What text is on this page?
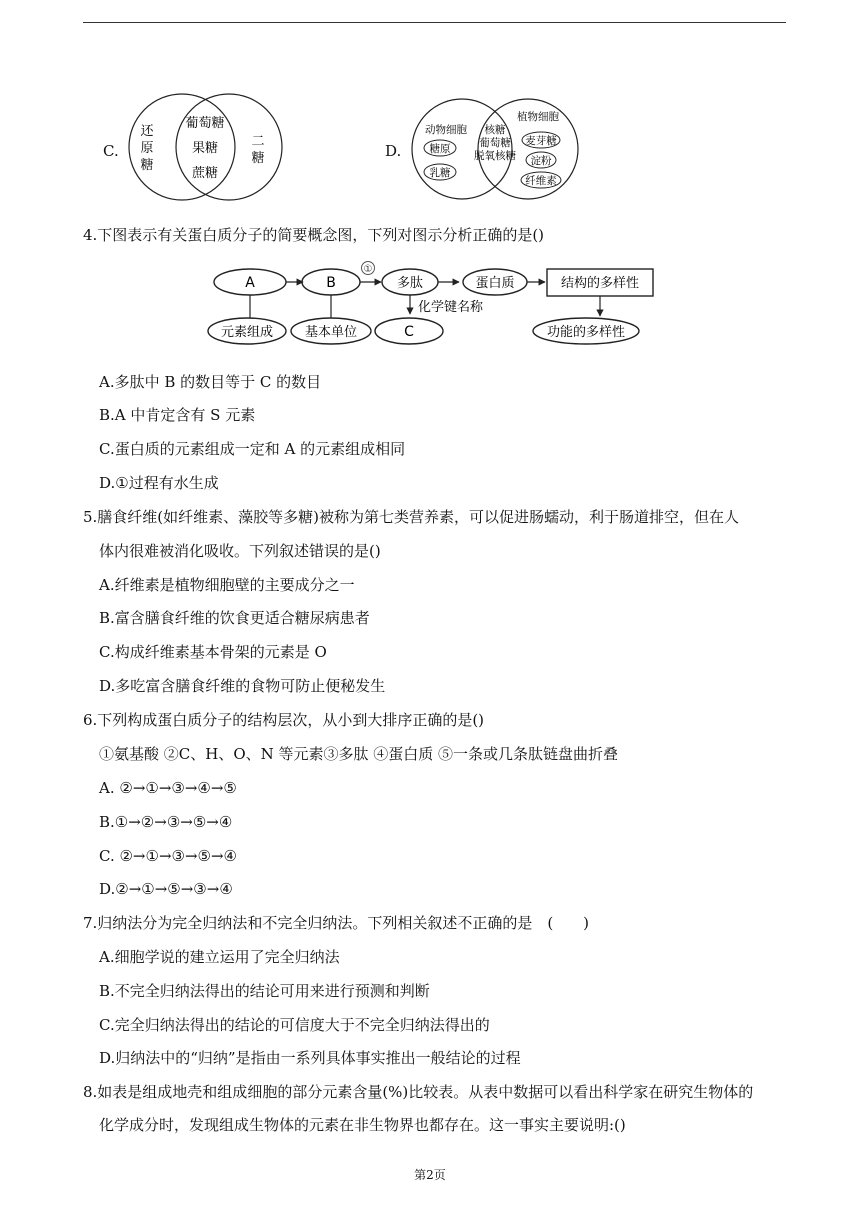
C.
还
原
糖
葡萄糖
果糖
蔗糖
二
糖	D.
动物细胞
糖原
乳糖
核糖
葡萄糖
脱氧核糖
植物细胞
麦芽糖
淀粉
纤维素
4.下图表示有关蛋白质分子的简要概念图，下列对图示分析正确的是()
A	B
①
多肽	蛋白质	结构的多样性
化学键名称
元素组成 基本单位	C	功能的多样性
A.多肽中 B 的数目等于 C 的数目
B.A 中肯定含有 S 元素
C.蛋白质的元素组成一定和 A 的元素组成相同
D.①过程有水生成
5.膳食纤维(如纤维素、藻胶等多糖)被称为第七类营养素，可以促进肠蠕动，利于肠道排空，但在人
体内很难被消化吸收。下列叙述错误的是()
A.纤维素是植物细胞壁的主要成分之一
B.富含膳食纤维的饮食更适合糖尿病患者
C.构成纤维素基本骨架的元素是 O
D.多吃富含膳食纤维的食物可防止便秘发生
6.下列构成蛋白质分子的结构层次，从小到大排序正确的是()
①氨基酸 ②C、H、O、N 等元素③多肽 ④蛋白质 ⑤一条或几条肽链盘曲折叠
A. ②→①→③→④→⑤
B.①→②→③→⑤→④
C. ②→①→③→⑤→④
D.②→①→⑤→③→④
7.归纳法分为完全归纳法和不完全归纳法。下列相关叙述不正确的是　(　　)
A.细胞学说的建立运用了完全归纳法
B.不完全归纳法得出的结论可用来进行预测和判断
C.完全归纳法得出的结论的可信度大于不完全归纳法得出的
D.归纳法中的“归纳”是指由一系列具体事实推出一般结论的过程
8.如表是组成地壳和组成细胞的部分元素含量(%)比较表。从表中数据可以看出科学家在研究生物体的
化学成分时，发现组成生物体的元素在非生物界也都存在。这一事实主要说明:()
第2页
